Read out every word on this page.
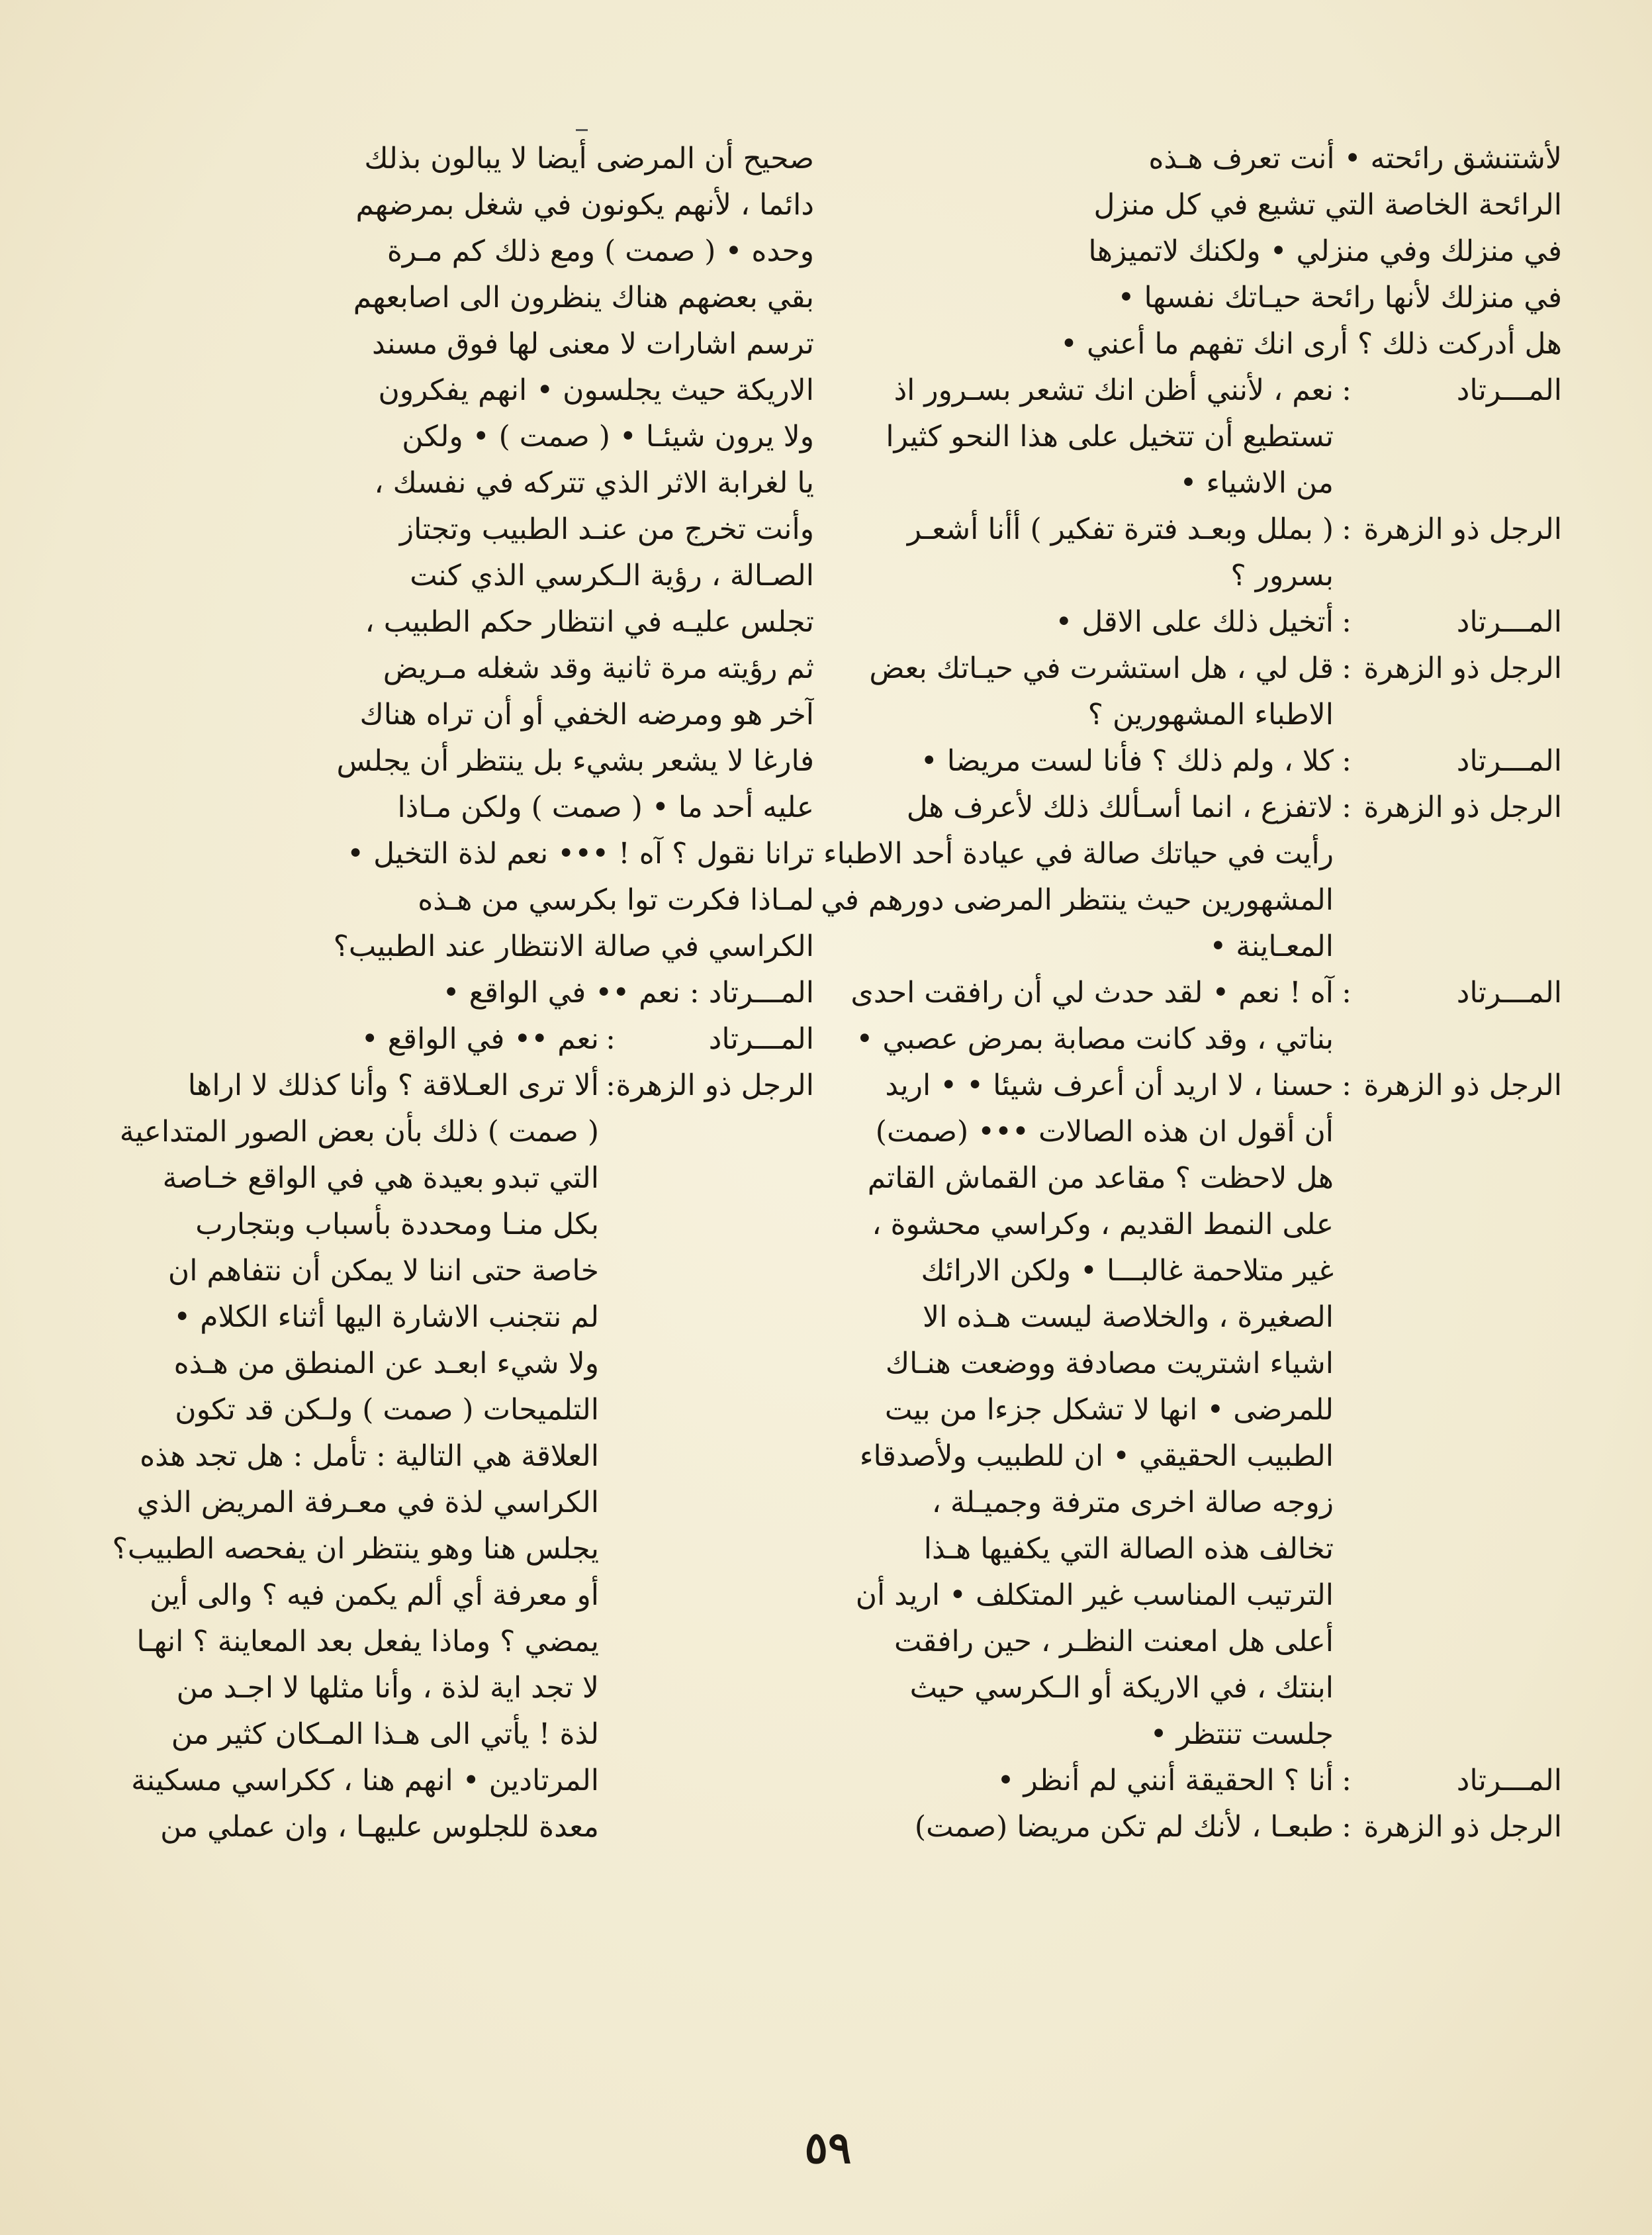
لأشتنشق رائحته • أنت تعرف هـذه
الرائحة الخاصة التي تشيع في كل منزل
في منزلك وفي منزلي • ولكنك لاتميزها
في منزلك لأنها رائحة حيـاتك نفسها •
هل أدركت ذلك ؟ أرى انك تفهم ما أعني •
المـــرتاد
:
نعم ، لأنني أظن انك تشعر بسـرور اذ
تستطيع أن تتخيل على هذا النحو كثيرا
من الاشياء •
الرجل ذو الزهرة
:
( بملل وبعـد فترة تفكير ) أأنا أشعـر
بسرور ؟
المـــرتاد
:
أتخيل ذلك على الاقل •
الرجل ذو الزهرة
:
قل لي ، هل استشرت في حيـاتك بعض
الاطباء المشهورين ؟
المـــرتاد
:
كلا ، ولم ذلك ؟ فأنا لست مريضا •
الرجل ذو الزهرة
:
لاتفزع ، انما أسـألك ذلك لأعرف هل
رأيت في حياتك صالة في عيادة أحد الاطباء
المشهورين حيث ينتظر المرضى دورهم في
المعـاينة •
المـــرتاد
:
آه ! نعم • لقد حدث لي أن رافقت احدى
بناتي ، وقد كانت مصابة بمرض عصبي •
الرجل ذو الزهرة
:
حسنا ، لا اريد أن أعرف شيئا • • اريد
أن أقول ان هذه الصالات ••• (صمت)
هل لاحظت ؟ مقاعد من القماش القاتم
على النمط القديم ، وكراسي محشوة ،
غير متلاحمة غالبـــا • ولكن الارائك
الصغيرة ، والخلاصة ليست هـذه الا
اشياء اشتريت مصادفة ووضعت هنـاك
للمرضى • انها لا تشكل جزءا من بيت
الطبيب الحقيقي • ان للطبيب ولأصدقاء
زوجه صالة اخرى مترفة وجميـلة ،
تخالف هذه الصالة التي يكفيها هـذا
الترتيب المناسب غير المتكلف • اريد أن
أعلى هل امعنت النظـر ، حين رافقت
ابنتك ، في الاريكة أو الـكرسي حيث
جلست تنتظر •
المـــرتاد
:
أنا ؟ الحقيقة أنني لم أنظر •
الرجل ذو الزهرة
:
طبعـا ، لأنك لم تكن مريضا (صمت)
صحيح أن المرضى أيضا لا يبالون بذلك
دائما ، لأنهم يكونون في شغل بمرضهم
وحده • ( صمت ) ومع ذلك كم مـرة
بقي بعضهم هناك ينظرون الى اصابعهم
ترسم اشارات لا معنى لها فوق مسند
الاريكة حيث يجلسون • انهم يفكرون
ولا يرون شيئـا • ( صمت ) • ولكن
يا لغرابة الاثر الذي تتركه في نفسك ،
وأنت تخرج من عنـد الطبيب وتجتاز
الصـالة ، رؤية الـكرسي الذي كنت
تجلس عليـه في انتظار حكم الطبيب ،
ثم رؤيته مرة ثانية وقد شغله مـريض
آخر هو ومرضه الخفي أو أن تراه هناك
فارغا لا يشعر بشيء بل ينتظر أن يجلس
عليه أحد ما • ( صمت ) ولكن مـاذا
ترانا نقول ؟ آه ! ••• نعم لذة التخيل •
لمـاذا فكرت توا بكرسي من هـذه
الكراسي في صالة الانتظار عند الطبيب؟
المـــرتاد : نعم •• في الواقع •
المـــرتاد
:
نعم •• في الواقع •
الرجل ذو الزهرة
:
ألا ترى العـلاقة ؟ وأنا كذلك لا اراها
( صمت ) ذلك بأن بعض الصور المتداعية
التي تبدو بعيدة هي في الواقع خـاصة
بكل منـا ومحددة بأسباب وبتجارب
خاصة حتى اننا لا يمكن أن نتفاهم ان
لم نتجنب الاشارة اليها أثناء الكلام •
ولا شيء ابعـد عن المنطق من هـذه
التلميحات ( صمت ) ولـكن قد تكون
العلاقة هي التالية : تأمل : هل تجد هذه
الكراسي لذة في معـرفة المريض الذي
يجلس هنا وهو ينتظر ان يفحصه الطبيب؟
أو معرفة أي ألم يكمن فيه ؟ والى أين
يمضي ؟ وماذا يفعل بعد المعاينة ؟ انهـا
لا تجد اية لذة ، وأنا مثلها لا اجـد من
لذة ! يأتي الى هـذا المـكان كثير من
المرتادين • انهم هنا ، ككراسي مسكينة
معدة للجلوس عليهـا ، وان عملي من
٥٩
